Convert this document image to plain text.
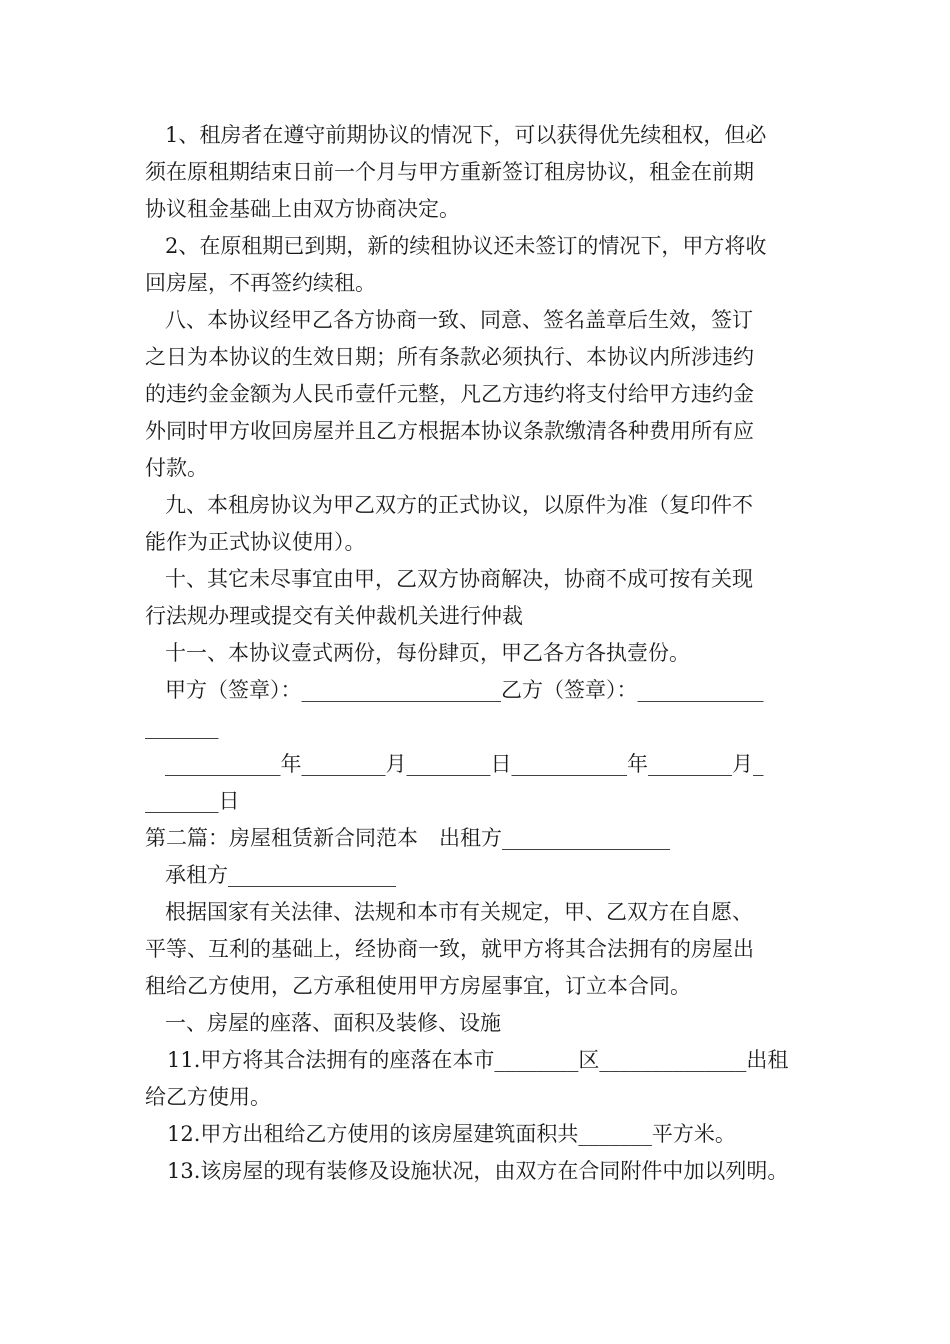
1、租房者在遵守前期协议的情况下，可以获得优先续租权，但必
须在原租期结束日前一个月与甲方重新签订租房协议，租金在前期
协议租金基础上由双方协商决定。
2、在原租期已到期，新的续租协议还未签订的情况下，甲方将收
回房屋，不再签约续租。
八、本协议经甲乙各方协商一致、同意、签名盖章后生效，签订
之日为本协议的生效日期；所有条款必须执行、本协议内所涉违约
的违约金金额为人民币壹仟元整，凡乙方违约将支付给甲方违约金
外同时甲方收回房屋并且乙方根据本协议条款缴清各种费用所有应
付款。
九、本租房协议为甲乙双方的正式协议，以原件为准（复印件不
能作为正式协议使用）。
十、其它未尽事宜由甲，乙双方协商解决，协商不成可按有关现
行法规办理或提交有关仲裁机关进行仲裁
十一、本协议壹式两份，每份肆页，甲乙各方各执壹份。
甲方（签章）：___________________乙方（签章）：____________
_______
___________年________月________日___________年________月_
_______日
第二篇：房屋租赁新合同范本　出租方________________
承租方________________
根据国家有关法律、法规和本市有关规定，甲、乙双方在自愿、
平等、互利的基础上，经协商一致，就甲方将其合法拥有的房屋出
租给乙方使用，乙方承租使用甲方房屋事宜，订立本合同。
一、房屋的座落、面积及装修、设施
11.甲方将其合法拥有的座落在本市________区______________出租
给乙方使用。
12.甲方出租给乙方使用的该房屋建筑面积共_______平方米。
13.该房屋的现有装修及设施状况，由双方在合同附件中加以列明。
